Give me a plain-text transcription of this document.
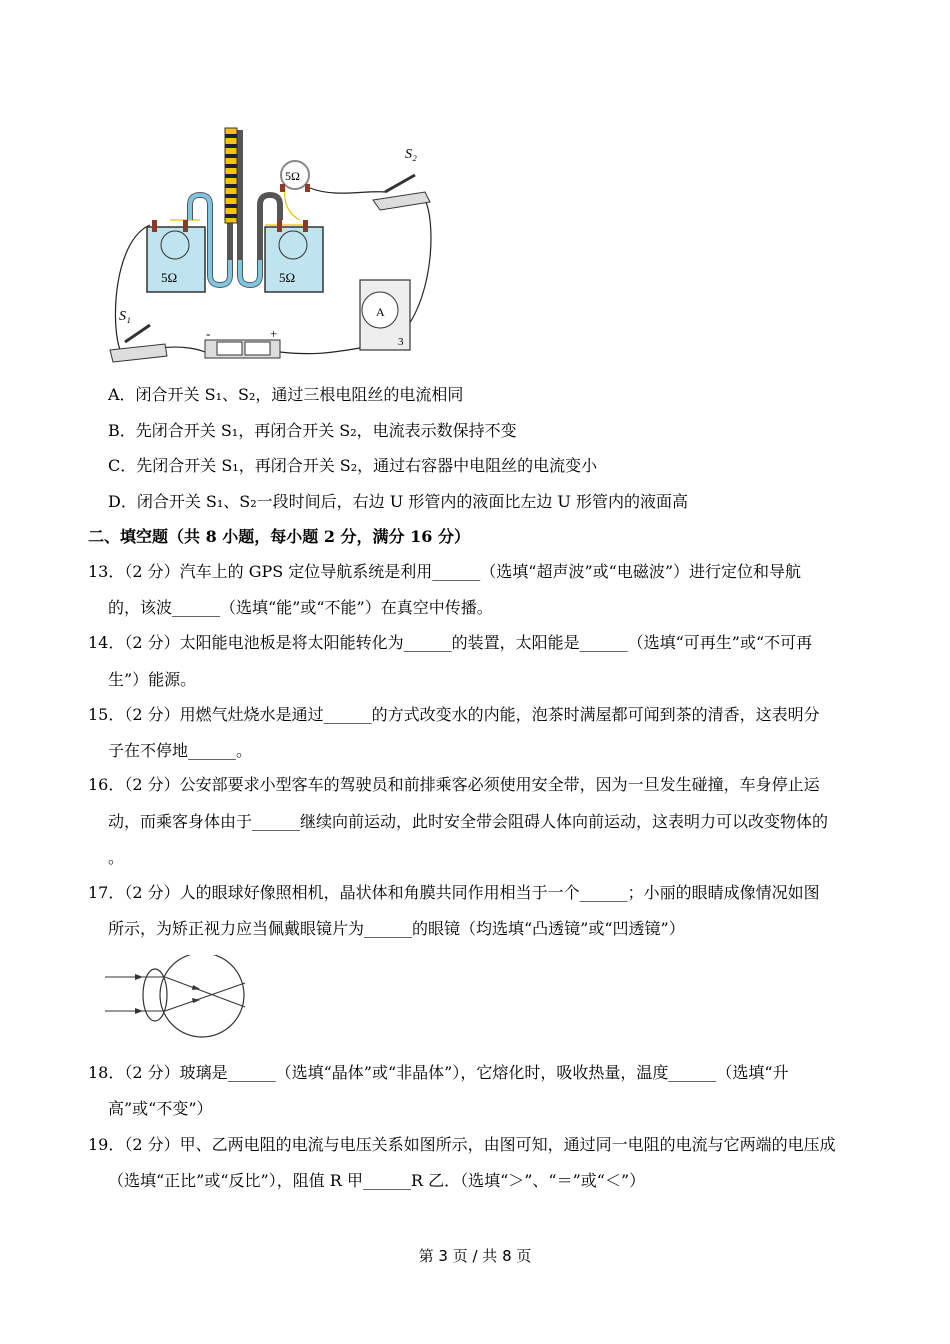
5Ω	5Ω
5Ω
S₂
A
3
-	+
S₁
A．闭合开关 S₁、S₂，通过三根电阻丝的电流相同
B．先闭合开关 S₁，再闭合开关 S₂，电流表示数保持不变
C．先闭合开关 S₁，再闭合开关 S₂，通过右容器中电阻丝的电流变小
D．闭合开关 S₁、S₂一段时间后，右边 U 形管内的液面比左边 U 形管内的液面高
二、填空题（共 8 小题，每小题 2 分，满分 16 分）
13．（2 分）汽车上的 GPS 定位导航系统是利用______（选填“超声波”或“电磁波”）进行定位和导航
的，该波______（选填“能”或“不能”）在真空中传播。
14．（2 分）太阳能电池板是将太阳能转化为______的装置，太阳能是______（选填“可再生”或“不可再
生”）能源。
15．（2 分）用燃气灶烧水是通过______的方式改变水的内能，泡茶时满屋都可闻到茶的清香，这表明分
子在不停地______。
16．（2 分）公安部要求小型客车的驾驶员和前排乘客必须使用安全带，因为一旦发生碰撞，车身停止运
动，而乘客身体由于______继续向前运动，此时安全带会阻碍人体向前运动，这表明力可以改变物体的
。
17．（2 分）人的眼球好像照相机，晶状体和角膜共同作用相当于一个______；小丽的眼睛成像情况如图
所示，为矫正视力应当佩戴眼镜片为______的眼镜（均选填“凸透镜”或“凹透镜”）
18．（2 分）玻璃是______（选填“晶体”或“非晶体”），它熔化时，吸收热量，温度______（选填“升
高”或“不变”）
19．（2 分）甲、乙两电阻的电流与电压关系如图所示，由图可知，通过同一电阻的电流与它两端的电压成
（选填“正比”或“反比”），阻值 R 甲______R 乙．（选填“＞”、“＝”或“＜”）
第 3 页 / 共 8 页
